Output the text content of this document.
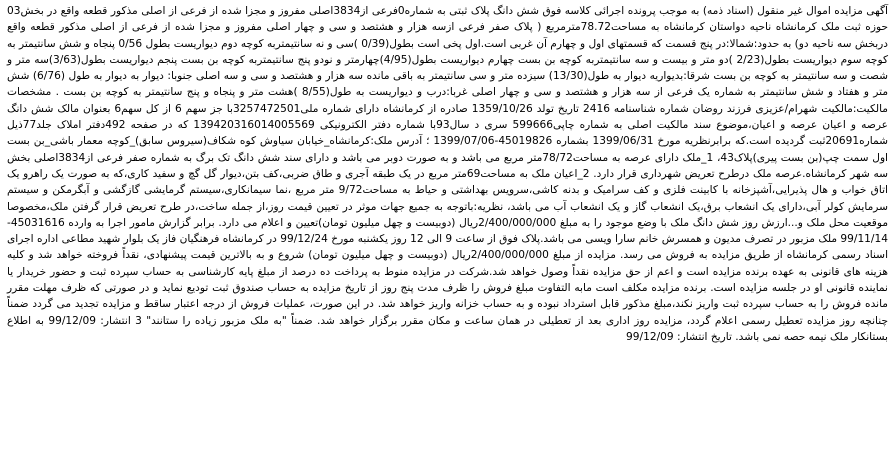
آگهی مزایده اموال غیر منقول (اسناد ذمه) به موجب پرونده اجرائی کلاسه فوق شش دانگ پلاک ثبتی به شماره0فرعی از3834اصلی مفروز و مجزا شده از فرعی از اصلی مذکور قطعه واقع در بخش03 حوزه ثبت ملک کرمانشاه ناحیه دواستان کرمانشاه به مساحت78.72مترمربع ( پلاک صفر فرعی ازسه هزار و هشتصد و سی و چهار اصلی مفروز و مجزا شده از فرعی از اصلی مذکور قطعه واقع دربخش سه ناحیه دو) به حدود:شمالا:در پنج قسمت که قسمتهای اول و چهارم آن غربی است.اول پخی است بطول(0/39 )سی و نه سانتیمتربه کوچه دوم دیواریست بطول 0/56 پنجاه و شش سانتیمتر به کوچه سوم دیواریست بطول(2/23 )دو متر و بیست و سه سانتیمتربه کوچه بن بست چهارم دیواریست بطول(4/95)چهارمتر و نودو پنج سانتیمتربه کوچه بن بست پنجم دیواریست بطول(3/63)سه متر و شصت و سه سانتیمتر به کوچه بن بست شرقا:بدیواریه دیوار به طول(13/30) سیزده متر و سی سانتیمتر به باقی مانده سه هزار و هشتصد و سی و سه اصلی جنوبا: دیوار به دیوار به طول (6/76) شش متر و هفتاد و شش سانتیمتر به شماره یک فرعی از سه هزار و هشتصد و سی و چهار اصلی غربا:درب و دیواریست به طول(8/55 )هشت متر و پنجاه و پنج سانتیمتر به کوچه بن بست . مشخصات مالکیت:مالکیت شهرام/عزیزی فرزند روضان شماره شناسنامه 2416 تاریخ تولد 1359/10/26 صادره از کرمانشاه دارای شماره ملی3257472501با جز سهم 6 از کل سهم6 بعنوان مالک شش دانگ عرصه و اعیان عرصه و اعیان،موضوع سند مالکیت اصلی به شماره چاپی599666 سری د سال93با شماره دفتر الکترونیکی 139420316014005569 که در صفحه 492دفتر املاک جلد77ذیل شماره20691ثبت گردیده است.که برابرنظریه مورخ 1399/06/31 بشماره 45019826-1399/07/06 ؛ آدرس ملک:کرمانشاه_خیابان سیاوش کوه شکاف(سیروس سابق)_کوچه معمار باشی_بن بست اول سمت چپ(بن بست پیری)پلاک43، 1_ملک دارای عرصه به مساحت78/72متر مربع می باشد و به صورت دوبر می باشد و دارای سند شش دانگ تک برگ به شماره صفر فرعی از3834اصلی بخش سه شهر کرمانشاه.عرصه ملک درطرح تعریض شهرداری قرار دارد. 2_اعیان ملک به مساحت69متر مربع در یک طبقه آجری و طاق ضربی،کف بتن،دیوار گل گچ و سفید کاری،که به صورت یک راهرو یک اتاق خواب و هال پذیرایی،آشپزخانه با کابینت فلزی و کف سرامیک و بدنه کاشی،سرویس بهداشتی و حیاط به مساحت9/72 متر مربع ،نما سیمانکاری،سیستم گرمایشی گازگشی و آبگرمکن و سیستم سرمایش کولر آبی،دارای یک انشعاب برق،یک انشعاب گاز و یک انشعاب آب می باشد، نظریه:باتوجه به جمیع جهات موثر در تعیین قیمت روز،از جمله ساخت،در طرح تعریض قرار گرفتن ملک،مخصوصا موقعیت محل ملک و...ارزش روز شش دانگ ملک با وضع موجود را به مبلغ 2/400/000/000ریال (دوبیست و چهل میلیون تومان)تعیین و اعلام می دارد. برابر گزارش مامور اجرا به وارده 45031616-99/11/14 ملک مزبور در تصرف مدیون و همسرش خانم سارا ویسی می باشد.پلاک فوق از ساعت 9 الی 12 روز یکشنبه مورخ 99/12/24 در کرمانشاه فرهنگیان فاز یک بلوار شهید مطاعی اداره اجرای اسناد رسمی کرمانشاه از طریق مزایده به فروش می رسد. مزایده از مبلغ 2/400/000/000ریال (دوبیست و چهل میلیون تومان) شروع و به بالاترین قیمت پیشنهادی، نقداً فروخته خواهد شد و کلیه هزینه های قانونی به عهده برنده مزایده است و اعم از حق مزایده نقداً وصول خواهد شد.شرکت در مزایده منوط به پرداخت ده درصد از مبلغ پایه کارشناسی به حساب سپرده ثبت و حضور خریدار یا نماینده قانونی او در جلسه مزایده است. برنده مزایده مکلف است مابه التفاوت مبلغ فروش را ظرف مدت پنج روز از تاریخ مزایده به حساب صندوق ثبت تودیع نماید و در صورتی که ظرف مهلت مقرر مانده فروش را به حساب سپرده ثبت واریز نکند،مبلغ مذکور قابل استرداد نبوده و به حساب خزانه واریز خواهد شد. در این صورت، عملیات فروش از درجه اعتبار ساقط و مزایده تجدید می گردد ضمناً چنانچه روز مزایده تعطیل رسمی اعلام گردد، مزایده روز اداری بعد از تعطیلی در همان ساعت و مکان مقرر برگزار خواهد شد. ضمناً "به ملک مزبور زیاده را ستانند" 3 انتشار: 99/12/09 به اطلاع بستانکار ملک نیمه حصه نمی باشد. تاریخ انتشار: 99/12/09
